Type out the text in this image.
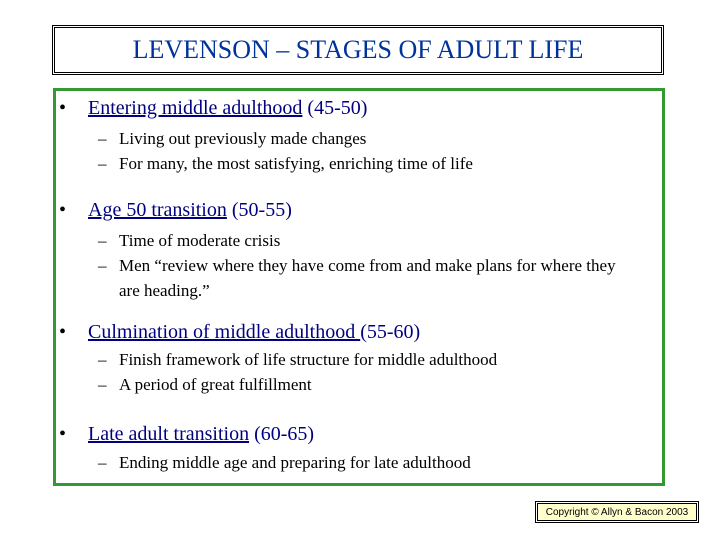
LEVENSON – STAGES OF ADULT LIFE
• Entering middle adulthood (45-50)
– Living out previously made changes
– For many, the most satisfying, enriching time of life
• Age 50 transition (50-55)
– Time of moderate crisis
– Men “review where they have come from and make plans for where they are heading.”
• Culmination of middle adulthood (55-60)
– Finish framework of life structure for middle adulthood
– A period of great fulfillment
• Late adult transition (60-65)
– Ending middle age and preparing for late adulthood
Copyright © Allyn & Bacon 2003
